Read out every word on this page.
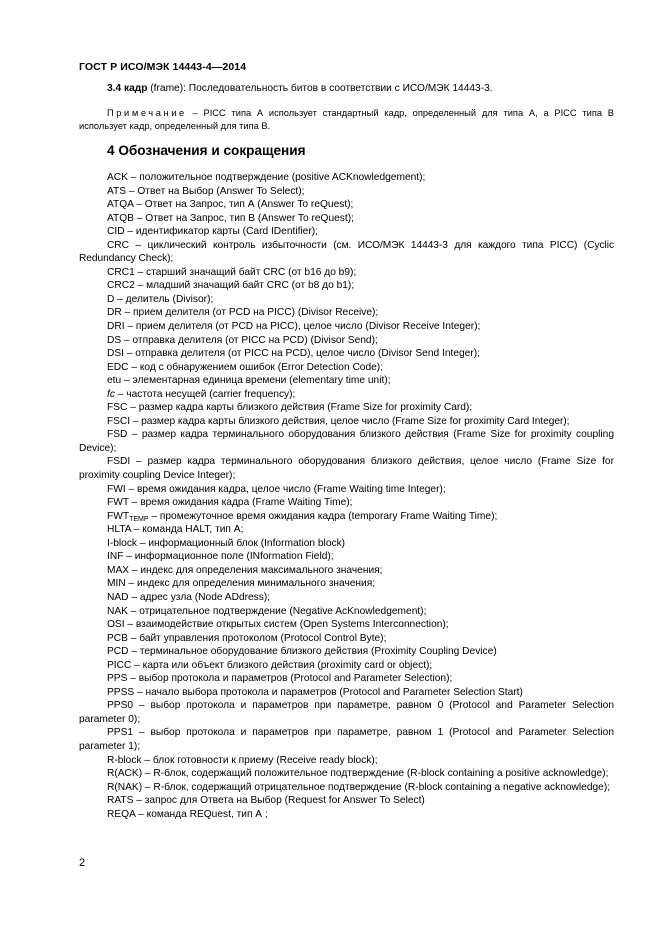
ГОСТ Р ИСО/МЭК 14443-4—2014
3.4 кадр (frame): Последовательность битов в соответствии с ИСО/МЭК 14443-3.
Примечание – PICC типа А использует стандартный кадр, определенный для типа А, а PICC типа В использует кадр, определенный для типа В.
4 Обозначения и сокращения
ACK – положительное подтверждение (positive ACKnowledgement);
ATS – Ответ на Выбор (Answer To Select);
ATQA – Ответ на Запрос, тип А (Answer To reQuest);
ATQB – Ответ на Запрос, тип В (Answer To reQuest);
CID – идентификатор карты (Card IDentifier);
CRC – циклический контроль избыточности (см. ИСО/МЭК 14443-3 для каждого типа PICC) (Cyclic Redundancy Check);
CRC1 – старший значащий байт CRC (от b16 до b9);
CRC2 – младший значащий байт CRC (от b8 до b1);
D – делитель (Divisor);
DR – прием делителя (от PCD на PICC) (Divisor Receive);
DRI – прием делителя (от PCD на PICC), целое число (Divisor Receive Integer);
DS – отправка делителя (от PICC на PCD) (Divisor Send);
DSI – отправка делителя (от PICC на PCD), целое число (Divisor Send Integer);
EDC – код с обнаружением ошибок (Error Detection Code);
etu – элементарная единица времени (elementary time unit);
fc – частота несущей (carrier frequency);
FSC – размер кадра карты близкого действия (Frame Size for proximity Card);
FSCI – размер кадра карты близкого действия, целое число (Frame Size for proximity Card Integer);
FSD – размер кадра терминального оборудования близкого действия (Frame Size for proximity coupling Device);
FSDI – размер кадра терминального оборудования близкого действия, целое число (Frame Size for proximity coupling Device Integer);
FWI – время ожидания кадра, целое число (Frame Waiting time Integer);
FWT – время ожидания кадра (Frame Waiting Time);
$FWT_{TEMP}$ – промежуточное время ожидания кадра (temporary Frame Waiting Time);
HLTA – команда HALT, тип А;
I-block – информационный блок (Information block)
INF – информационное поле (INformation Field);
MAX – индекс для определения максимального значения;
MIN – индекс для определения минимального значения;
NAD – адрес узла (Node ADdress);
NAK – отрицательное подтверждение (Negative AcKnowledgement);
OSI – взаимодействие открытых систем (Open Systems Interconnection);
PCB – байт управления протоколом (Protocol Control Byte);
PCD – терминальное оборудование близкого действия (Proximity Coupling Device)
PICC – карта или объект близкого действия (proximity card or object);
PPS – выбор протокола и параметров (Protocol and Parameter Selection);
PPSS – начало выбора протокола и параметров (Protocol and Parameter Selection Start)
PPS0 – выбор протокола и параметров при параметре, равном 0 (Protocol and Parameter Selection parameter 0);
PPS1 – выбор протокола и параметров при параметре, равном 1 (Protocol and Parameter Selection parameter 1);
R-block – блок готовности к приему (Receive ready block);
R(ACK) – R-блок, содержащий положительное подтверждение (R-block containing a positive acknowledge);
R(NAK) – R-блок, содержащий отрицательное подтверждение (R-block containing a negative acknowledge);
RATS – запрос для Ответа на Выбор (Request for Answer To Select)
REQA – команда REQuest, тип А ;
2
